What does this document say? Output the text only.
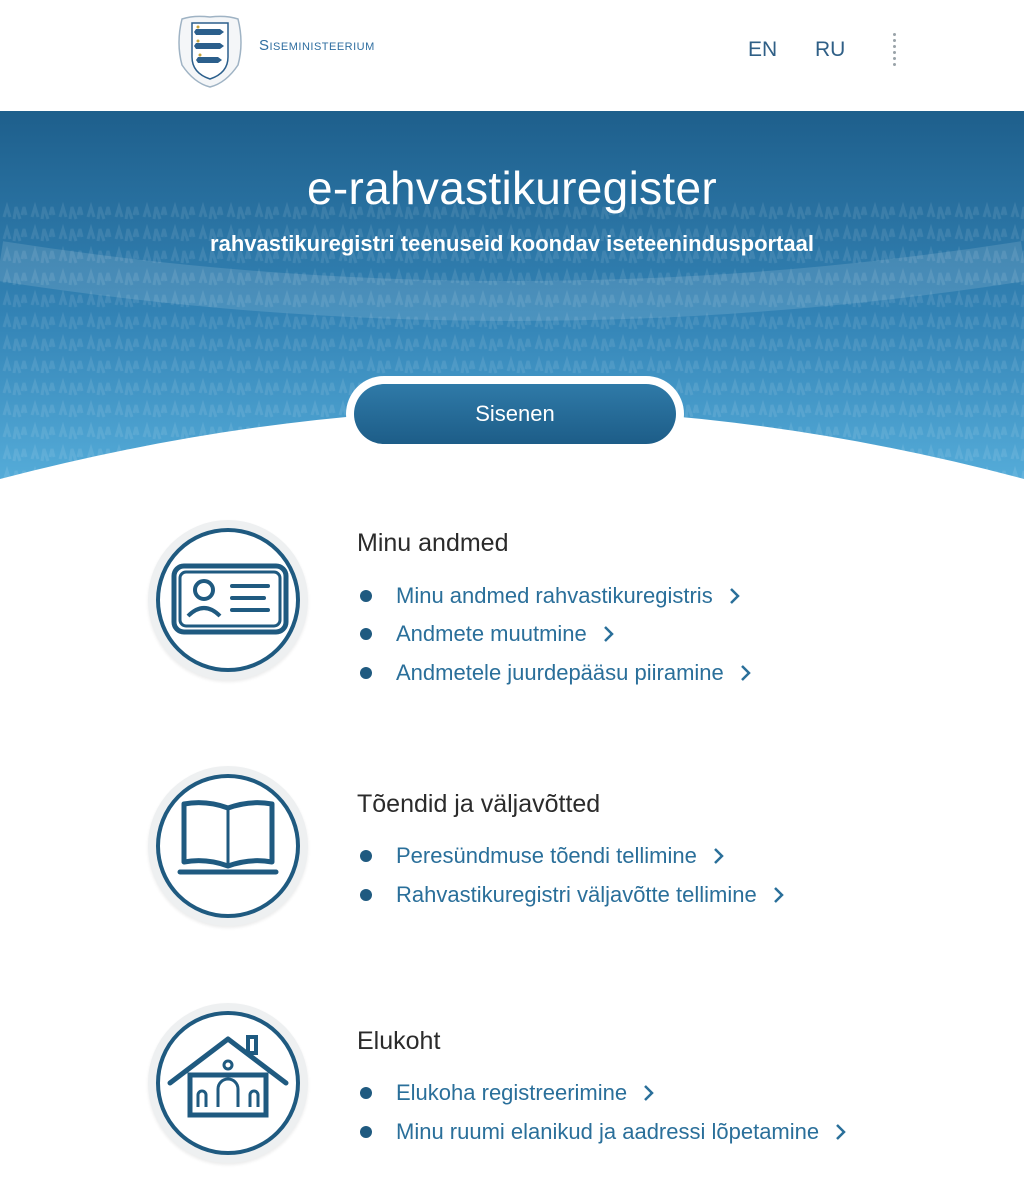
Siseministeerium	EN RU
e-rahvastikuregister
rahvastikuregistri teenuseid koondav iseteenindusportaal
Sisenen
Minu andmed
Minu andmed rahvastikuregistris
Andmete muutmine
Andmetele juurdepääsu piiramine
Tõendid ja väljavõtted
Peresündmuse tõendi tellimine
Rahvastikuregistri väljavõtte tellimine
Elukoht
Elukoha registreerimine
Minu ruumi elanikud ja aadressi lõpetamine
